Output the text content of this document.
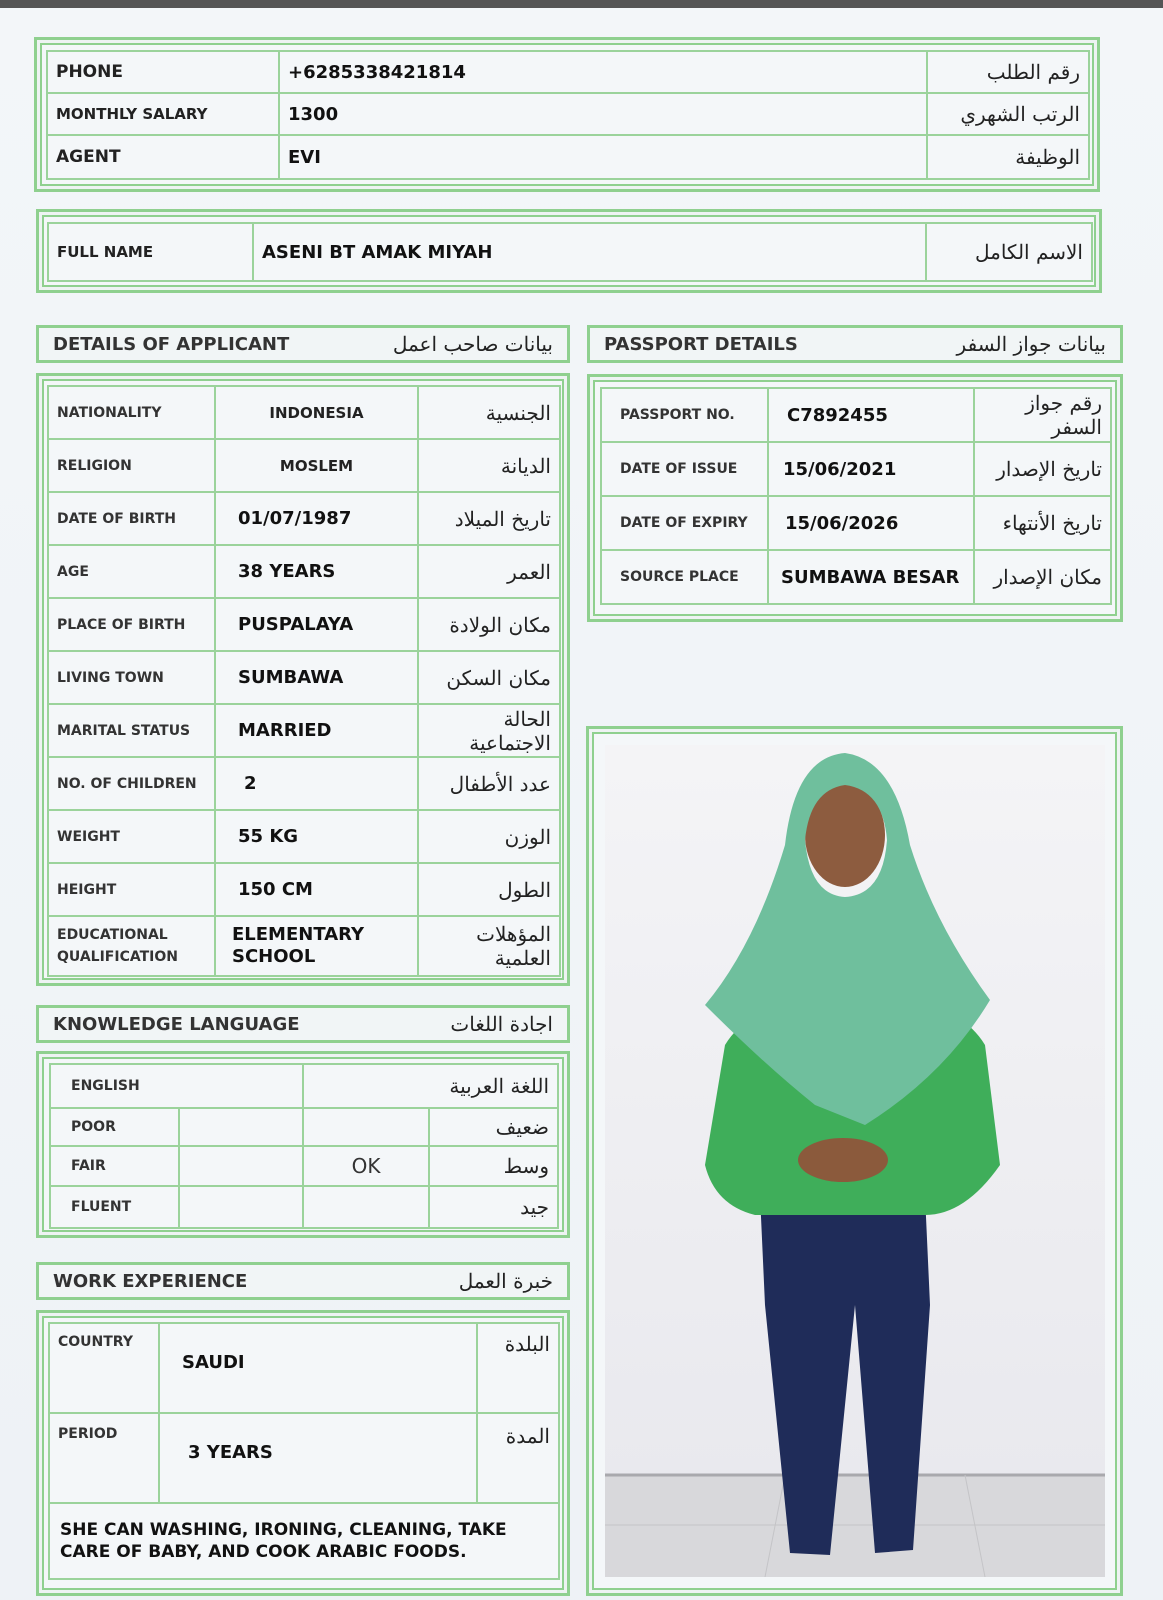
PHONE	+6285338421814	رقم الطلب
MONTHLY SALARY	1300	الرتب الشهري
AGENT	EVI	الوظيفة
FULL NAME	ASENI BT AMAK MIYAH	الاسم الكامل
DETAILS OF APPLICANT	بيانات صاحب اعمل
NATIONALITY	INDONESIA	الجنسية
RELIGION	MOSLEM	الديانة
DATE OF BIRTH	01/07/1987	تاريخ الميلاد
AGE	38 YEARS	العمر
PLACE OF BIRTH	PUSPALAYA	مكان الولادة
LIVING TOWN	SUMBAWA	مكان السكن
MARITAL STATUS	MARRIED	الحالة الاجتماعية
NO. OF CHILDREN	2	عدد الأطفال
WEIGHT	55 KG	الوزن
HEIGHT	150 CM	الطول
EDUCATIONAL QUALIFICATION	ELEMENTARY SCHOOL	المؤهلات العلمية
PASSPORT DETAILS	بيانات جواز السفر
PASSPORT NO.	C7892455	رقم جواز السفر
DATE OF ISSUE	15/06/2021	تاريخ الإصدار
DATE OF EXPIRY	15/06/2026	تاريخ الأنتهاء
SOURCE PLACE	SUMBAWA BESAR	مكان الإصدار
KNOWLEDGE LANGUAGE	اجادة اللغات
ENGLISH		اللغة العربية	
POOR			ضعيف
FAIR		OK	وسط
FLUENT			جيد
WORK EXPERIENCE	خبرة العمل
COUNTRY	SAUDI	البلدة
PERIOD	3 YEARS	المدة
SHE CAN WASHING, IRONING, CLEANING, TAKE CARE OF BABY, AND COOK ARABIC FOODS.		
